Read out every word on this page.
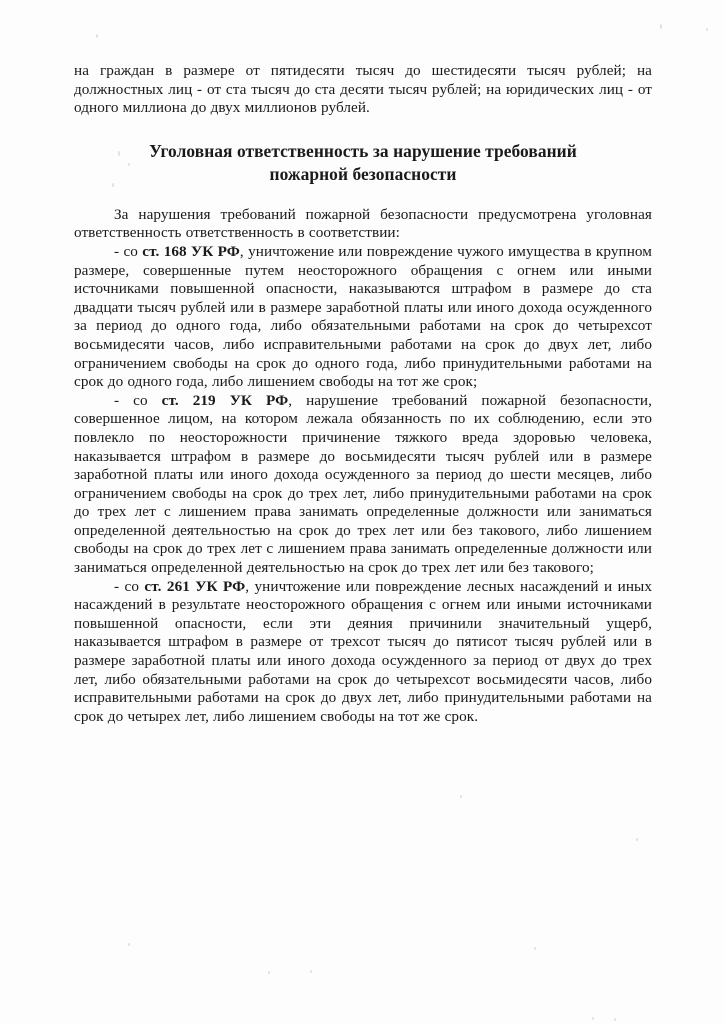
на граждан в размере от пятидесяти тысяч до шестидесяти тысяч рублей; на должностных лиц - от ста тысяч до ста десяти тысяч рублей; на юридических лиц - от одного миллиона до двух миллионов рублей.

Уголовная ответственность за нарушение требований
пожарной безопасности

За нарушения требований пожарной безопасности предусмотрена уголовная ответственность ответственность в соответствии:

- со ст. 168 УК РФ, уничтожение или повреждение чужого имущества в крупном размере, совершенные путем неосторожного обращения с огнем или иными источниками повышенной опасности, наказываются штрафом в размере до ста двадцати тысяч рублей или в размере заработной платы или иного дохода осужденного за период до одного года, либо обязательными работами на срок до четырехсот восьмидесяти часов, либо исправительными работами на срок до двух лет, либо ограничением свободы на срок до одного года, либо принудительными работами на срок до одного года, либо лишением свободы на тот же срок;

- со ст. 219 УК РФ, нарушение требований пожарной безопасности, совершенное лицом, на котором лежала обязанность по их соблюдению, если это повлекло по неосторожности причинение тяжкого вреда здоровью человека, наказывается штрафом в размере до восьмидесяти тысяч рублей или в размере заработной платы или иного дохода осужденного за период до шести месяцев, либо ограничением свободы на срок до трех лет, либо принудительными работами на срок до трех лет с лишением права занимать определенные должности или заниматься определенной деятельностью на срок до трех лет или без такового, либо лишением свободы на срок до трех лет с лишением права занимать определенные должности или заниматься определенной деятельностью на срок до трех лет или без такового;

- со ст. 261 УК РФ, уничтожение или повреждение лесных насаждений и иных насаждений в результате неосторожного обращения с огнем или иными источниками повышенной опасности, если эти деяния причинили значительный ущерб, наказывается штрафом в размере от трехсот тысяч до пятисот тысяч рублей или в размере заработной платы или иного дохода осужденного за период от двух до трех лет, либо обязательными работами на срок до четырехсот восьмидесяти часов, либо исправительными работами на срок до двух лет, либо принудительными работами на срок до четырех лет, либо лишением свободы на тот же срок.
